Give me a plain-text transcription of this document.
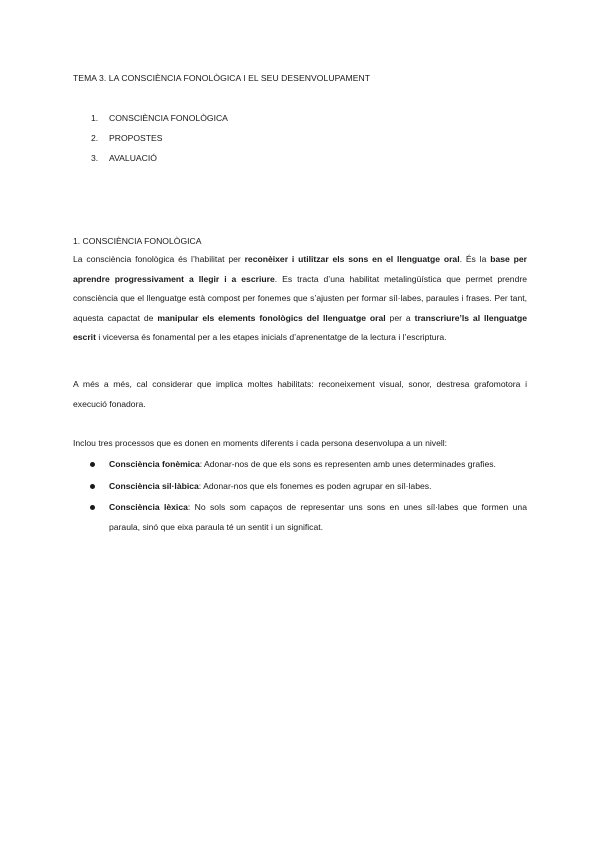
TEMA 3. LA CONSCIÈNCIA FONOLÒGICA I EL SEU DESENVOLUPAMENT
1.	CONSCIÈNCIA FONOLÒGICA
2.	PROPOSTES
3.	AVALUACIÓ
1. CONSCIÈNCIA FONOLÒGICA

La consciència fonològica és l’habilitat per reconèixer i utilitzar els sons en el llenguatge oral. És la base per aprendre progressivament a llegir i a escriure. Es tracta d’una habilitat metalingüística que permet prendre consciència que el llenguatge està compost per fonemes que s’ajusten per formar síl·labes, paraules i frases. Per tant, aquesta capactat de manipular els elements fonològics del llenguatge oral per a transcriure’ls al llenguatge escrit i viceversa és fonamental per a les etapes inicials d’aprenentatge de la lectura i l’escriptura.

A més a més, cal considerar que implica moltes habilitats: reconeixement visual, sonor, destresa grafomotora i execució fonadora.

Inclou tres processos que es donen en moments diferents i cada persona desenvolupa a un nivell:

Consciència fonèmica: Adonar-nos de que els sons es representen amb unes determinades grafies.
Consciència sil·làbica: Adonar-nos que els fonemes es poden agrupar en síl·labes.
Consciència lèxica: No sols som capaços de representar uns sons en unes síl·labes que formen una paraula, sinó que eixa paraula té un sentit i un significat.
